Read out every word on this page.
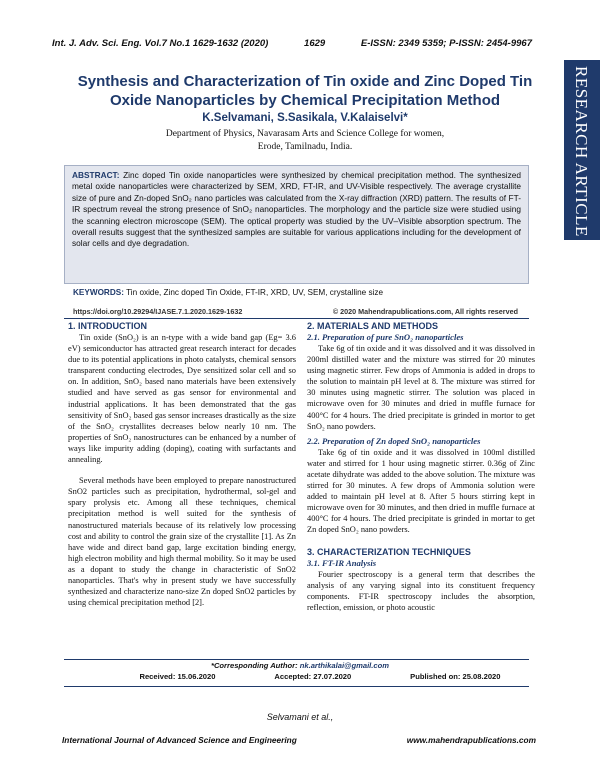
Int. J. Adv. Sci. Eng. Vol.7 No.1 1629-1632 (2020)	1629	E-ISSN: 2349 5359; P-ISSN: 2454-9967
RESEARCH ARTICLE
Synthesis and Characterization of Tin oxide and Zinc Doped Tin Oxide Nanoparticles by Chemical Precipitation Method
K.Selvamani, S.Sasikala, V.Kalaiselvi*
Department of Physics, Navarasam Arts and Science College for women,
Erode, Tamilnadu, India.
ABSTRACT: Zinc doped Tin oxide nanoparticles were synthesized by chemical precipitation method. The synthesized metal oxide nanoparticles were characterized by SEM, XRD, FT-IR, and UV-Visible respectively. The average crystallite size of pure and Zn-doped SnO₂ nano particles was calculated from the X-ray diffraction (XRD) pattern. The results of FT-IR spectrum reveal the strong presence of SnO₂ nanoparticles. The morphology and the particle size were studied using the scanning electron microscope (SEM). The optical property was studied by the UV–Visible absorption spectrum. The overall results suggest that the synthesized samples are suitable for various applications including for the development of solar cells and dye degradation.
KEYWORDS: Tin oxide, Zinc doped Tin Oxide, FT-IR, XRD, UV, SEM, crystalline size
https://doi.org/10.29294/IJASE.7.1.2020.1629-1632	© 2020 Mahendrapublications.com, All rights reserved
1. INTRODUCTION

Tin oxide (SnO₂) is an n-type with a wide band gap (Eg= 3.6 eV) semiconductor has attracted great research interact for decades due to its potential applications in photo catalysts, chemical sensors transparent conducting electrodes, Dye sensitized solar cell and so on. In addition, SnO₂ based nano materials have been extensively studied and have served as gas sensor for environmental and industrial applications. It has been demonstrated that the gas sensitivity of SnO₂ based gas sensor increases drastically as the size of the SnO₂ crystallites decreases below nearly 10 nm. The properties of SnO₂ nanostructures can be enhanced by a number of ways like impurity adding (doping), coating with surfactants and annealing.

Several methods have been employed to prepare nanostructured SnO2 particles such as precipitation, hydrothermal, sol-gel and spary prolysis etc. Among all these techniques, chemical precipitation method is well suited for the synthesis of nanostructured materials because of its relatively low processing cost and ability to control the grain size of the crystallite [1]. As Zn have wide and direct band gap, large excitation binding energy, high electron mobility and high thermal mobility. So it may be used as a dopant to study the change in characteristic of SnO2 nanoparticles. That's why in present study we have successfully synthesized and characterize nano-size Zn doped SnO2 particles by using chemical precipitation method [2].

2. MATERIALS AND METHODS
2.1. Preparation of pure SnO₂ nanoparticles

Take 6g of tin oxide and it was dissolved and it was dissolved in 200ml distilled water and the mixture was stirred for 20 minutes using magnetic stirrer. Few drops of Ammonia is added in drops to the solution to maintain pH level at 8. The mixture was stirred for 30 minutes using magnetic stirrer. The solution was placed in microwave oven for 30 minutes and dried in muffle furnace for 400°C for 4 hours. The dried precipitate is grinded in mortor to get SnO₂ nano powders.

2.2. Preparation of Zn doped SnO₂ nanoparticles

Take 6g of tin oxide and it was dissolved in 100ml distilled water and stirred for 1 hour using magnetic stirrer. 0.36g of Zinc acetate dihydrate was added to the above solution. The mixture was stirred for 30 minutes. A few drops of Ammonia solution were added to maintain pH level at 8. After 5 hours stirring kept in microwave oven for 30 minutes, and then dried in muffle furnace at 400°C for 4 hours. The dried precipitate is grinded in mortar to get Zn doped SnO₂ nano powders.

3. CHARACTERIZATION TECHNIQUES
3.1. FT-IR Analysis

Fourier spectroscopy is a general term that describes the analysis of any varying signal into its constituent frequency components. FT-IR spectroscopy includes the absorption, reflection, emission, or photo acoustic

*Corresponding Author: nk.arthikalai@gmail.com
Received: 15.06.2020	Accepted: 27.07.2020	Published on: 25.08.2020
Selvamani et al.,
International Journal of Advanced Science and Engineering	www.mahendrapublications.com
